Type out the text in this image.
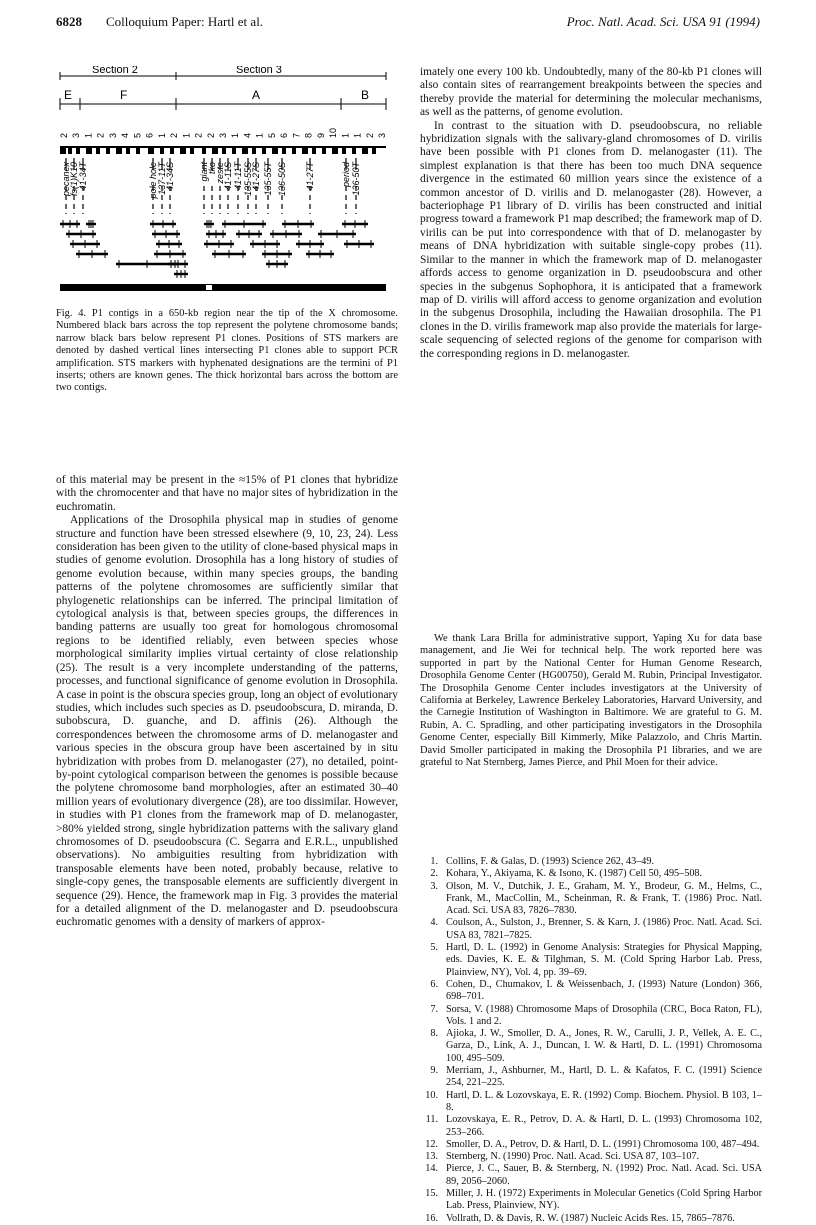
6828 Colloquium Paper: Hartl et al.	Proc. Natl. Acad. Sci. USA 91 (1994)
Section 2	Section 3
E	F	A	B
2 3 1 2 3 4 5 6 1 2 1 2 2 3 1 4 1 5 6 7 8 9 10 1 1 2 3
pecanex
fs(1)K10 41-34T	pole hole 137-11T
41-34S	giant
tko
zeste
41-11S 41-11T 135-55S
41-27S 135-55T 136-50S 41-27T	period 136-50T
Fig. 4. P1 contigs in a 650-kb region near the tip of the X chromosome. Numbered black bars across the top represent the polytene chromosome bands; narrow black bars below represent P1 clones. Positions of STS markers are denoted by dashed vertical lines intersecting P1 clones able to support PCR amplification. STS markers with hyphenated designations are the termini of P1 inserts; others are known genes. The thick horizontal bars across the bottom are two contigs.

of this material may be present in the ≈15% of P1 clones that hybridize with the chromocenter and that have no major sites of hybridization in the euchromatin.

Applications of the Drosophila physical map in studies of genome structure and function have been stressed elsewhere (9, 10, 23, 24). Less consideration has been given to the utility of clone-based physical maps in studies of genome evolution. Drosophila has a long history of studies of genome evolution because, within many species groups, the banding patterns of the polytene chromosomes are sufficiently similar that phylogenetic relationships can be inferred. The principal limitation of cytological analysis is that, between species groups, the differences in banding patterns are usually too great for homologous chromosomal regions to be identified reliably, even between species whose morphological similarity implies virtual certainty of close relationship (25). The result is a very incomplete understanding of the patterns, processes, and functional significance of genome evolution in Drosophila. A case in point is the obscura species group, long an object of evolutionary studies, which includes such species as D. pseudoobscura, D. miranda, D. subobscura, D. guanche, and D. affinis (26). Although the correspondences between the chromosome arms of D. melanogaster and various species in the obscura group have been ascertained by in situ hybridization with probes from D. melanogaster (27), no detailed, point-by-point cytological comparison between the genomes is possible because the polytene chromosome band morphologies, after an estimated 30–40 million years of evolutionary divergence (28), are too dissimilar. However, in studies with P1 clones from the framework map of D. melanogaster, >80% yielded strong, single hybridization patterns with the salivary gland chromosomes of D. pseudoobscura (C. Segarra and E.R.L., unpublished observations). No ambiguities resulting from hybridization with transposable elements have been noted, probably because, relative to single-copy genes, the transposable elements are sufficiently divergent in sequence (29). Hence, the framework map in Fig. 3 provides the material for a detailed alignment of the D. melanogaster and D. pseudoobscura euchromatic genomes with a density of markers of approx-

imately one every 100 kb. Undoubtedly, many of the 80-kb P1 clones will also contain sites of rearrangement breakpoints between the species and thereby provide the material for determining the molecular mechanisms, as well as the patterns, of genome evolution.

In contrast to the situation with D. pseudoobscura, no reliable hybridization signals with the salivary-gland chromosomes of D. virilis have been possible with P1 clones from D. melanogaster (11). The simplest explanation is that there has been too much DNA sequence divergence in the estimated 60 million years since the existence of a common ancestor of D. virilis and D. melanogaster (28). However, a bacteriophage P1 library of D. virilis has been constructed and initial progress toward a framework P1 map described; the framework map of D. virilis can be put into correspondence with that of D. melanogaster by means of DNA hybridization with suitable single-copy probes (11). Similar to the manner in which the framework map of D. melanogaster affords access to genome organization in D. pseudoobscura and other species in the subgenus Sophophora, it is anticipated that a framework map of D. virilis will afford access to genome organization and evolution in the subgenus Drosophila, including the Hawaiian drosophila. The P1 clones in the D. virilis framework map also provide the materials for large-scale sequencing of selected regions of the genome for comparison with the corresponding regions in D. melanogaster.

We thank Lara Brilla for administrative support, Yaping Xu for data base management, and Jie Wei for technical help. The work reported here was supported in part by the National Center for Human Genome Research, Drosophila Genome Center (HG00750), Gerald M. Rubin, Principal Investigator. The Drosophila Genome Center includes investigators at the University of California at Berkeley, Lawrence Berkeley Laboratories, Harvard University, and the Carnegie Institution of Washington in Baltimore. We are grateful to G. M. Rubin, A. C. Spradling, and other participating investigators in the Drosophila Genome Center, especially Bill Kimmerly, Mike Palazzolo, and Chris Martin. David Smoller participated in making the Drosophila P1 libraries, and we are grateful to Nat Sternberg, James Pierce, and Phil Moen for their advice.
1. Collins, F. & Galas, D. (1993) Science 262, 43–49.
2. Kohara, Y., Akiyama, K. & Isono, K. (1987) Cell 50, 495–508.
3. Olson, M. V., Dutchik, J. E., Graham, M. Y., Brodeur, G. M., Helms, C., Frank, M., MacCollin, M., Scheinman, R. & Frank, T. (1986) Proc. Natl. Acad. Sci. USA 83, 7826–7830.
4. Coulson, A., Sulston, J., Brenner, S. & Karn, J. (1986) Proc. Natl. Acad. Sci. USA 83, 7821–7825.
5. Hartl, D. L. (1992) in Genome Analysis: Strategies for Physical Mapping, eds. Davies, K. E. & Tilghman, S. M. (Cold Spring Harbor Lab. Press, Plainview, NY), Vol. 4, pp. 39–69.
6. Cohen, D., Chumakov, I. & Weissenbach, J. (1993) Nature (London) 366, 698–701.
7. Sorsa, V. (1988) Chromosome Maps of Drosophila (CRC, Boca Raton, FL), Vols. 1 and 2.
8. Ajioka, J. W., Smoller, D. A., Jones, R. W., Carulli, J. P., Vellek, A. E. C., Garza, D., Link, A. J., Duncan, I. W. & Hartl, D. L. (1991) Chromosoma 100, 495–509.
9. Merriam, J., Ashburner, M., Hartl, D. L. & Kafatos, F. C. (1991) Science 254, 221–225.
10. Hartl, D. L. & Lozovskaya, E. R. (1992) Comp. Biochem. Physiol. B 103, 1–8.
11. Lozovskaya, E. R., Petrov, D. A. & Hartl, D. L. (1993) Chromosoma 102, 253–266.
12. Smoller, D. A., Petrov, D. & Hartl, D. L. (1991) Chromosoma 100, 487–494.
13. Sternberg, N. (1990) Proc. Natl. Acad. Sci. USA 87, 103–107.
14. Pierce, J. C., Sauer, B. & Sternberg, N. (1992) Proc. Natl. Acad. Sci. USA 89, 2056–2060.
15. Miller, J. H. (1972) Experiments in Molecular Genetics (Cold Spring Harbor Lab. Press, Plainview, NY).
16. Vollrath, D. & Davis, R. W. (1987) Nucleic Acids Res. 15, 7865–7876.
